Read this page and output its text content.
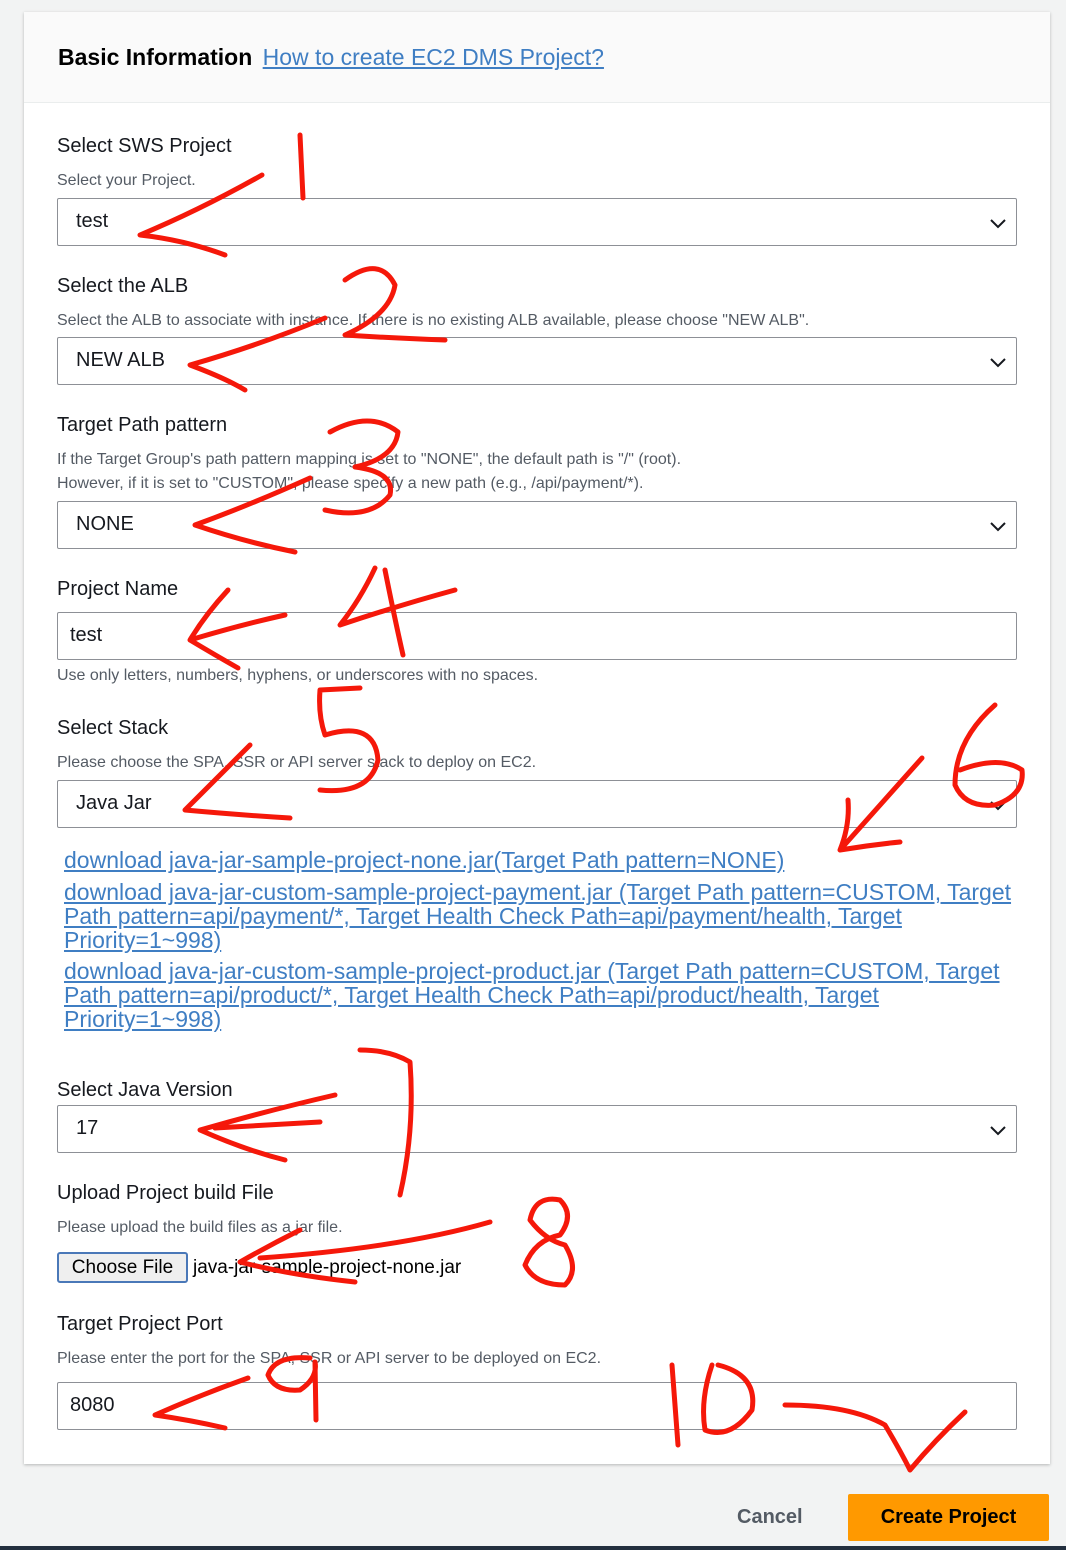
Basic Information How to create EC2 DMS Project?
Select SWS Project
Select your Project.
test
Select the ALB
Select the ALB to associate with instance. If there is no existing ALB available, please choose "NEW ALB".
NEW ALB
Target Path pattern
If the Target Group's path pattern mapping is set to "NONE", the default path is "/" (root).
However, if it is set to "CUSTOM", please specify a new path (e.g., /api/payment/*).
NONE
Project Name
test
Use only letters, numbers, hyphens, or underscores with no spaces.
Select Stack
Please choose the SPA, SSR or API server stack to deploy on EC2.
Java Jar
download java-jar-sample-project-none.jar(Target Path pattern=NONE)
download java-jar-custom-sample-project-payment.jar (Target Path pattern=CUSTOM, Target Path pattern=api/payment/*, Target Health Check Path=api/payment/health, Target Priority=1~998)
download java-jar-custom-sample-project-product.jar (Target Path pattern=CUSTOM, Target Path pattern=api/product/*, Target Health Check Path=api/product/health, Target Priority=1~998)
Select Java Version
17
Upload Project build File
Please upload the build files as a jar file.
Choose File	java-jar-sample-project-none.jar
Target Project Port
Please enter the port for the SPA, SSR or API server to be deployed on EC2.
8080
Cancel	Create Project
